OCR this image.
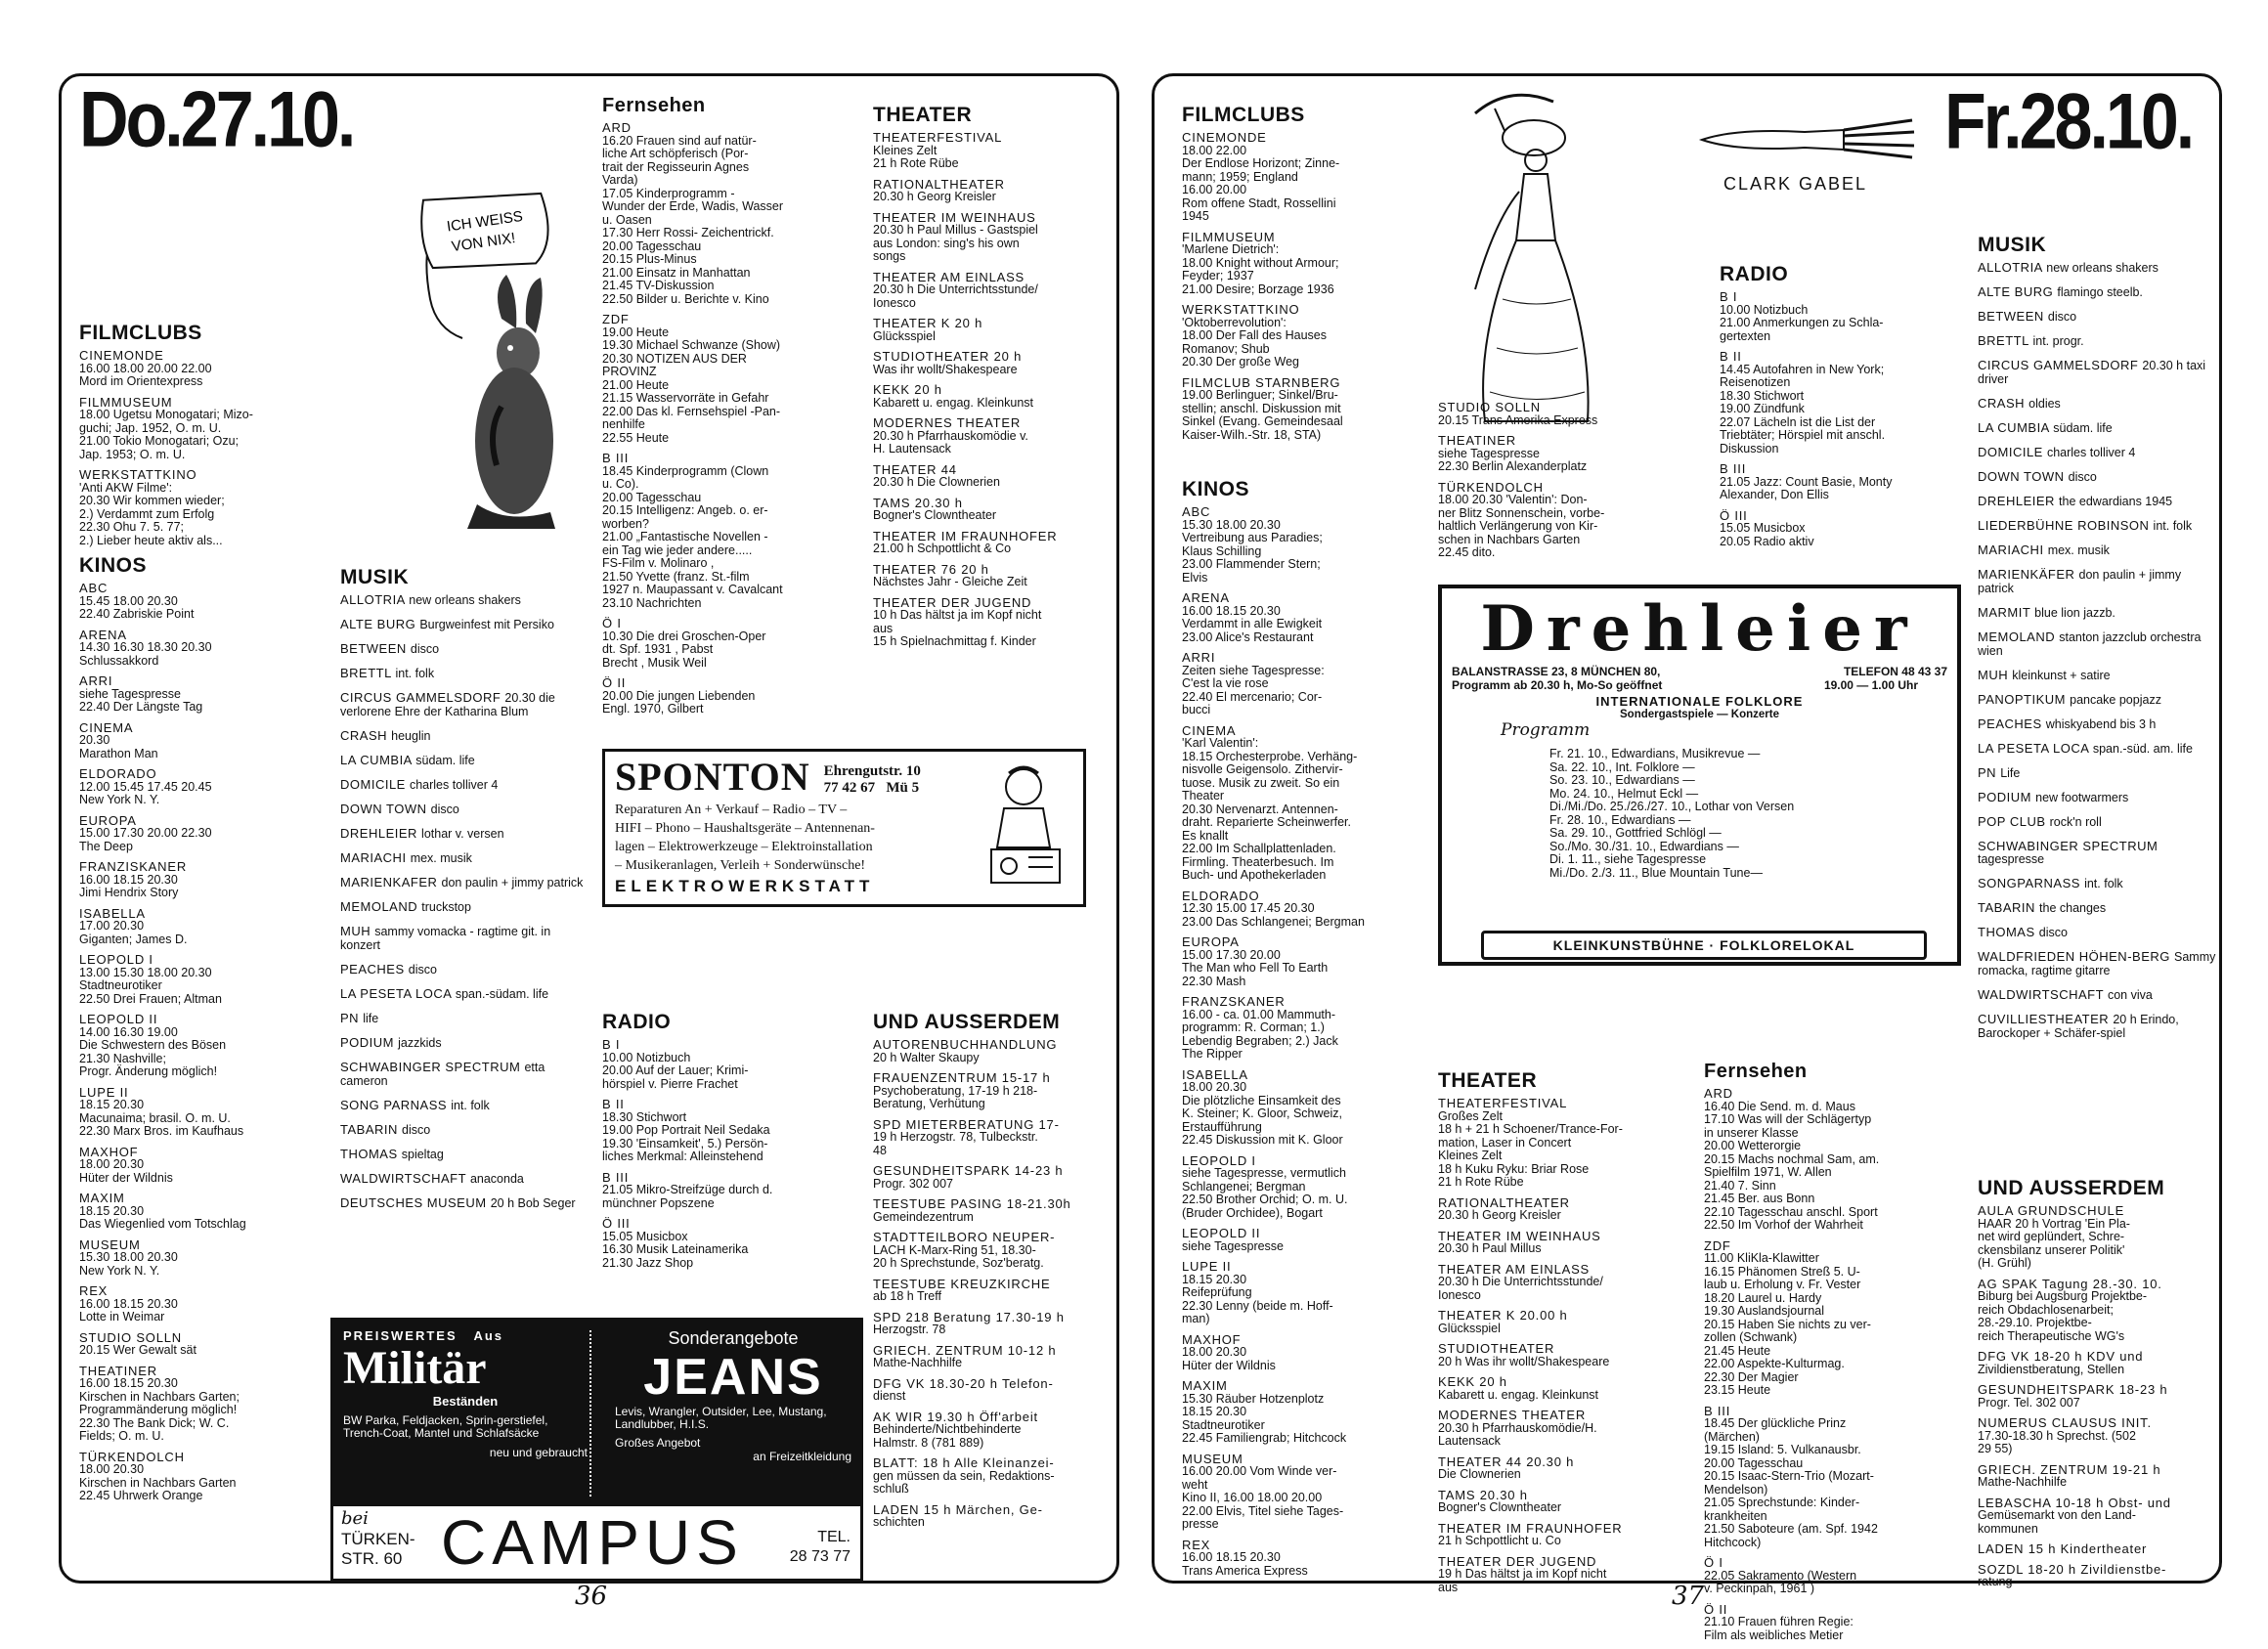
Do.27.10.
ICH WEISS
VON NIX!
FILMCLUBS
CINEMONDE
16.00 18.00 20.00 22.00
Mord im Orientexpress
FILMMUSEUM
18.00 Ugetsu Monogatari; Mizo-
guchi; Jap. 1952, O. m. U.
21.00 Tokio Monogatari; Ozu;
Jap. 1953; O. m. U.
WERKSTATTKINO
'Anti AKW Filme':
20.30 Wir kommen wieder;
2.) Verdammt zum Erfolg
22.30 Ohu 7. 5. 77;
2.) Lieber heute aktiv als...
KINOS
ABC
15.45 18.00 20.30
22.40 Zabriskie Point
ARENA
14.30 16.30 18.30 20.30
Schlussakkord
ARRI
siehe Tagespresse
22.40 Der Längste Tag
CINEMA
20.30
Marathon Man
ELDORADO
12.00 15.45 17.45 20.45
New York N. Y.
EUROPA
15.00 17.30 20.00 22.30
The Deep
FRANZISKANER
16.00 18.15 20.30
Jimi Hendrix Story
ISABELLA
17.00 20.30
Giganten; James D.
LEOPOLD I
13.00 15.30 18.00 20.30
Stadtneurotiker
22.50 Drei Frauen; Altman
LEOPOLD II
14.00 16.30 19.00
Die Schwestern des Bösen
21.30 Nashville;
Progr. Änderung möglich!
LUPE II
18.15 20.30
Macunaima; brasil. O. m. U.
22.30 Marx Bros. im Kaufhaus
MAXHOF
18.00 20.30
Hüter der Wildnis
MAXIM
18.15 20.30
Das Wiegenlied vom Totschlag
MUSEUM
15.30 18.00 20.30
New York N. Y.
REX
16.00 18.15 20.30
Lotte in Weimar
STUDIO SOLLN
20.15 Wer Gewalt sät
THEATINER
16.00 18.15 20.30
Kirschen in Nachbars Garten;
Programmänderung möglich!
22.30 The Bank Dick; W. C.
Fields; O. m. U.
TÜRKENDOLCH
18.00 20.30
Kirschen in Nachbars Garten
22.45 Uhrwerk Orange
MUSIK
ALLOTRIA new orleans shakers
ALTE BURG Burgweinfest mit Persiko
BETWEEN disco
BRETTL int. folk
CIRCUS GAMMELSDORF 20.30 die verlorene Ehre der Katharina Blum
CRASH heuglin
LA CUMBIA südam. life
DOMICILE charles tolliver 4
DOWN TOWN disco
DREHLEIER lothar v. versen
MARIACHI mex. musik
MARIENKAFER don paulin + jimmy patrick
MEMOLAND truckstop
MUH sammy vomacka - ragtime git. in konzert
PEACHES disco
LA PESETA LOCA span.-südam. life
PN life
PODIUM jazzkids
SCHWABINGER SPECTRUM etta cameron
SONG PARNASS int. folk
TABARIN disco
THOMAS spieltag
WALDWIRTSCHAFT anaconda
DEUTSCHES MUSEUM 20 h Bob Seger
Fernsehen
ARD
16.20 Frauen sind auf natür-
liche Art schöpferisch (Por-
trait der Regisseurin Agnes
Varda)
17.05 Kinderprogramm -
Wunder der Erde, Wadis, Wasser
u. Oasen
17.30 Herr Rossi- Zeichentrickf.
20.00 Tagesschau
20.15 Plus-Minus
21.00 Einsatz in Manhattan
21.45 TV-Diskussion
22.50 Bilder u. Berichte v. Kino
ZDF
19.00 Heute
19.30 Michael Schwanze (Show)
20.30 NOTIZEN AUS DER
PROVINZ
21.00 Heute
21.15 Wasservorräte in Gefahr
22.00 Das kl. Fernsehspiel -Pan-
nenhilfe
22.55 Heute
B III
18.45 Kinderprogramm (Clown
u. Co).
20.00 Tagesschau
20.15 Intelligenz: Angeb. o. er-
worben?
21.00 „Fantastische Novellen -
ein Tag wie jeder andere.....
FS-Film v. Molinaro ,
21.50 Yvette (franz. St.-film
1927 n. Maupassant v. Cavalcant
23.10 Nachrichten
Ö I
10.30 Die drei Groschen-Oper
dt. Spf. 1931 , Pabst
Brecht , Musik Weil
Ö II
20.00 Die jungen Liebenden
Engl. 1970, Gilbert
THEATER
THEATERFESTIVAL
Kleines Zelt
21 h Rote Rübe
RATIONALTHEATER
20.30 h Georg Kreisler
THEATER IM WEINHAUS
20.30 h Paul Millus - Gastspiel
aus London: sing's his own
songs
THEATER AM EINLASS
20.30 h Die Unterrichtsstunde/
Ionesco
THEATER K 20 h
Glücksspiel
STUDIOTHEATER 20 h
Was ihr wollt/Shakespeare
KEKK 20 h
Kabarett u. engag. Kleinkunst
MODERNES THEATER
20.30 h Pfarrhauskomödie v.
H. Lautensack
THEATER 44
20.30 h Die Clownerien
TAMS 20.30 h
Bogner's Clowntheater
THEATER IM FRAUNHOFER
21.00 h Schpottlicht & Co
THEATER 76 20 h
Nächstes Jahr - Gleiche Zeit
THEATER DER JUGEND
10 h Das hältst ja im Kopf nicht
aus
15 h Spielnachmittag f. Kinder
SPONTON Ehrengutstr. 10
77 42 67 Mü 5
Reparaturen An + Verkauf – Radio – TV –
HIFI – Phono – Haushaltsgeräte – Antennenan-
lagen – Elektrowerkzeuge – Elektroinstallation
– Musikeranlagen, Verleih + Sonderwünsche!
ELEKTROWERKSTATT
RADIO
B I
10.00 Notizbuch
20.00 Auf der Lauer; Krimi-
hörspiel v. Pierre Frachet
B II
18.30 Stichwort
19.00 Pop Portrait Neil Sedaka
19.30 'Einsamkeit', 5.) Persön-
liches Merkmal: Alleinstehend
B III
21.05 Mikro-Streifzüge durch d.
münchner Popszene
Ö III
15.05 Musicbox
16.30 Musik Lateinamerika
21.30 Jazz Shop
UND AUSSERDEM
AUTORENBUCHHANDLUNG
20 h Walter Skaupy
FRAUENZENTRUM 15-17 h
Psychoberatung, 17-19 h 218-
Beratung, Verhütung
SPD MIETERBERATUNG 17-
19 h Herzogstr. 78, Tulbeckstr.
48
GESUNDHEITSPARK 14-23 h
Progr. 302 007
TEESTUBE PASING 18-21.30h
Gemeindezentrum
STADTTEILBORO NEUPER-
LACH K-Marx-Ring 51, 18.30-
20 h Sprechstunde, Soz'beratg.
TEESTUBE KREUZKIRCHE
ab 18 h Treff
SPD 218 Beratung 17.30-19 h
Herzogstr. 78
GRIECH. ZENTRUM 10-12 h
Mathe-Nachhilfe
DFG VK 18.30-20 h Telefon-
dienst
AK WIR 19.30 h Öff'arbeit
Behinderte/Nichtbehinderte
Halmstr. 8 (781 889)
BLATT: 18 h Alle Kleinanzei-
gen müssen da sein, Redaktions-
schluß
LADEN 15 h Märchen, Ge-
schichten
PREISWERTES Aus
Militär
Beständen
BW Parka, Feldjacken, Sprin-gerstiefel, Trench-Coat, Mantel und Schlafsäcke
neu und gebraucht
Sonderangebote
JEANS
Levis, Wrangler, Outsider, Lee, Mustang, Landlubber, H.I.S.
Großes Angebot
an Freizeitkleidung
bei
TÜRKEN-
STR. 60 CAMPUS	TEL.
28 73 77
36
FILMCLUBS
CINEMONDE
18.00 22.00
Der Endlose Horizont; Zinne-
mann; 1959; England
16.00 20.00
Rom offene Stadt, Rossellini
1945
FILMMUSEUM
'Marlene Dietrich':
18.00 Knight without Armour;
Feyder; 1937
21.00 Desire; Borzage 1936
WERKSTATTKINO
'Oktoberrevolution':
18.00 Der Fall des Hauses
Romanov; Shub
20.30 Der große Weg
FILMCLUB STARNBERG
19.00 Berlinguer; Sinkel/Bru-
stellin; anschl. Diskussion mit
Sinkel (Evang. Gemeindesaal
Kaiser-Wilh.-Str. 18, STA)
CLARK GABEL
Fr.28.10.
RADIO
B I
10.00 Notizbuch
21.00 Anmerkungen zu Schla-
gertexten
B II
14.45 Autofahren in New York;
Reisenotizen
18.30 Stichwort
19.00 Zündfunk
22.07 Lächeln ist die List der
Triebtäter; Hörspiel mit anschl.
Diskussion
B III
21.05 Jazz: Count Basie, Monty
Alexander, Don Ellis
Ö III
15.05 Musicbox
20.05 Radio aktiv
STUDIO SOLLN
20.15 Trans Amerika Express
THEATINER
siehe Tagespresse
22.30 Berlin Alexanderplatz
TÜRKENDOLCH
18.00 20.30 'Valentin': Don-
ner Blitz Sonnenschein, vorbe-
haltlich Verlängerung von Kir-
schen in Nachbars Garten
22.45 dito.
KINOS
ABC
15.30 18.00 20.30
Vertreibung aus Paradies;
Klaus Schilling
23.00 Flammender Stern;
Elvis
ARENA
16.00 18.15 20.30
Verdammt in alle Ewigkeit
23.00 Alice's Restaurant
ARRI
Zeiten siehe Tagespresse:
C'est la vie rose
22.40 El mercenario; Cor-
bucci
CINEMA
'Karl Valentin':
18.15 Orchesterprobe. Verhäng-
nisvolle Geigensolo. Zithervir-
tuose. Musik zu zweit. So ein
Theater
20.30 Nervenarzt. Antennen-
draht. Reparierte Scheinwerfer.
Es knallt
22.00 Im Schallplattenladen.
Firmling. Theaterbesuch. Im
Buch- und Apothekerladen
ELDORADO
12.30 15.00 17.45 20.30
23.00 Das Schlangenei; Bergman
EUROPA
15.00 17.30 20.00
The Man who Fell To Earth
22.30 Mash
FRANZSKANER
16.00 - ca. 01.00 Mammuth-
programm: R. Corman; 1.)
Lebendig Begraben; 2.) Jack
The Ripper
ISABELLA
18.00 20.30
Die plötzliche Einsamkeit des
K. Steiner; K. Gloor, Schweiz,
Erstaufführung
22.45 Diskussion mit K. Gloor
LEOPOLD I
siehe Tagespresse, vermutlich
Schlangenei; Bergman
22.50 Brother Orchid; O. m. U.
(Bruder Orchidee), Bogart
LEOPOLD II
siehe Tagespresse
LUPE II
18.15 20.30
Reifeprüfung
22.30 Lenny (beide m. Hoff-
man)
MAXHOF
18.00 20.30
Hüter der Wildnis
MAXIM
15.30 Räuber Hotzenplotz
18.15 20.30
Stadtneurotiker
22.45 Familiengrab; Hitchcock
MUSEUM
16.00 20.00 Vom Winde ver-
weht
Kino II, 16.00 18.00 20.00
22.00 Elvis, Titel siehe Tages-
presse
REX
16.00 18.15 20.30
Trans America Express
MUSIK
ALLOTRIA new orleans shakers
ALTE BURG flamingo steelb.
BETWEEN disco
BRETTL int. progr.
CIRCUS GAMMELSDORF 20.30 h taxi driver
CRASH oldies
LA CUMBIA südam. life
DOMICILE charles tolliver 4
DOWN TOWN disco
DREHLEIER the edwardians 1945
LIEDERBÜHNE ROBINSON int. folk
MARIACHI mex. musik
MARIENKÄFER don paulin + jimmy patrick
MARMIT blue lion jazzb.
MEMOLAND stanton jazzclub orchestra wien
MUH kleinkunst + satire
PANOPTIKUM pancake popjazz
PEACHES whiskyabend bis 3 h
LA PESETA LOCA span.-süd. am. life
PN Life
PODIUM new footwarmers
POP CLUB rock'n roll
SCHWABINGER SPECTRUM tagespresse
SONGPARNASS int. folk
TABARIN the changes
THOMAS disco
WALDFRIEDEN HÖHEN-BERG Sammy romacka, ragtime gitarre
WALDWIRTSCHAFT con viva
CUVILLIESTHEATER 20 h Erindo, Barockoper + Schäfer-spiel
UND AUSSERDEM
AULA GRUNDSCHULE
HAAR 20 h Vortrag 'Ein Pla-
net wird geplündert, Schre-
ckensbilanz unserer Politik'
(H. Grühl)
AG SPAK Tagung 28.-30. 10.
Biburg bei Augsburg Projektbe-
reich Obdachlosenarbeit;
28.-29.10. Projektbe-
reich Therapeutische WG's
DFG VK 18-20 h KDV und
Zivildienstberatung, Stellen
GESUNDHEITSPARK 18-23 h
Progr. Tel. 302 007
NUMERUS CLAUSUS INIT.
17.30-18.30 h Sprechst. (502
29 55)
GRIECH. ZENTRUM 19-21 h
Mathe-Nachhilfe
LEBASCHA 10-18 h Obst- und
Gemüsemarkt von den Land-
kommunen
LADEN 15 h Kindertheater
SOZDL 18-20 h Zivildienstbe-
ratung
Drehleier
BALANSTRASSE 23, 8 MÜNCHEN 80,	TELEFON 48 43 37
Programm ab 20.30 h, Mo-So geöffnet	19.00 — 1.00 Uhr
INTERNATIONALE FOLKLORE
Sondergastspiele — Konzerte
Programm
Fr. 21. 10., Edwardians, Musikrevue —
Sa. 22. 10., Int. Folklore —
So. 23. 10., Edwardians —
Mo. 24. 10., Helmut Eckl —
Di./Mi./Do. 25./26./27. 10., Lothar von Versen
Fr. 28. 10., Edwardians —
Sa. 29. 10., Gottfried Schlögl —
So./Mo. 30./31. 10., Edwardians —
Di. 1. 11., siehe Tagespresse
Mi./Do. 2./3. 11., Blue Mountain Tune—
KLEINKUNSTBÜHNE · FOLKLORELOKAL
THEATER
THEATERFESTIVAL
Großes Zelt
18 h + 21 h Schoener/Trance-For-
mation, Laser in Concert
Kleines Zelt
18 h Kuku Ryku: Briar Rose
21 h Rote Rübe
RATIONALTHEATER
20.30 h Georg Kreisler
THEATER IM WEINHAUS
20.30 h Paul Millus
THEATER AM EINLASS
20.30 h Die Unterrichtsstunde/
Ionesco
THEATER K 20.00 h
Glücksspiel
STUDIOTHEATER
20 h Was ihr wollt/Shakespeare
KEKK 20 h
Kabarett u. engag. Kleinkunst
MODERNES THEATER
20.30 h Pfarrhauskomödie/H.
Lautensack
THEATER 44 20.30 h
Die Clownerien
TAMS 20.30 h
Bogner's Clowntheater
THEATER IM FRAUNHOFER
21 h Schpottlicht u. Co
THEATER DER JUGEND
19 h Das hältst ja im Kopf nicht
aus
Fernsehen
ARD
16.40 Die Send. m. d. Maus
17.10 Was will der Schlägertyp
in unserer Klasse
20.00 Wetterorgie
20.15 Machs nochmal Sam, am.
Spielfilm 1971, W. Allen
21.40 7. Sinn
21.45 Ber. aus Bonn
22.10 Tagesschau anschl. Sport
22.50 Im Vorhof der Wahrheit
ZDF
11.00 KliKla-Klawitter
16.15 Phänomen Streß 5. U-
laub u. Erholung v. Fr. Vester
18.20 Laurel u. Hardy
19.30 Auslandsjournal
20.15 Haben Sie nichts zu ver-
zollen (Schwank)
21.45 Heute
22.00 Aspekte-Kulturmag.
22.30 Der Magier
23.15 Heute
B III
18.45 Der glückliche Prinz
(Märchen)
19.15 Island: 5. Vulkanausbr.
20.00 Tagesschau
20.15 Isaac-Stern-Trio (Mozart-
Mendelson)
21.05 Sprechstunde: Kinder-
krankheiten
21.50 Saboteure (am. Spf. 1942
Hitchcock)
Ö I
22.05 Sakramento (Western
v. Peckinpah, 1961 )
Ö II
21.10 Frauen führen Regie:
Film als weibliches Metier
37
